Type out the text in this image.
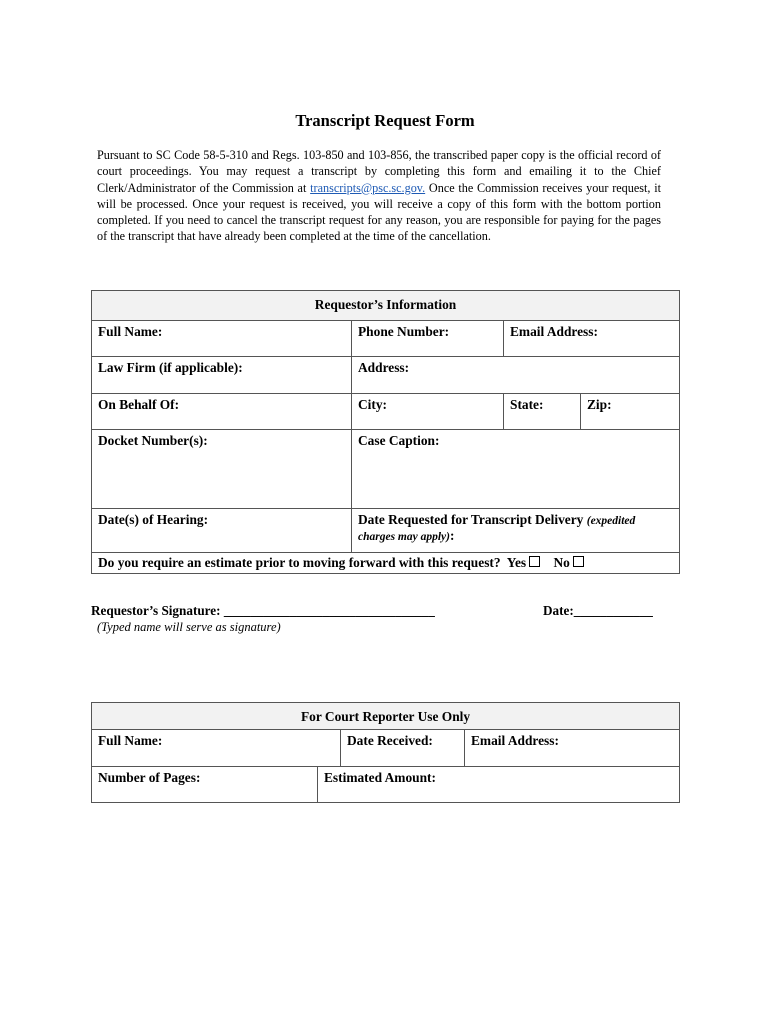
Transcript Request Form
Pursuant to SC Code 58-5-310 and Regs. 103-850 and 103-856, the transcribed paper copy is the official record of court proceedings. You may request a transcript by completing this form and emailing it to the Chief Clerk/Administrator of the Commission at transcripts@psc.sc.gov. Once the Commission receives your request, it will be processed. Once your request is received, you will receive a copy of this form with the bottom portion completed. If you need to cancel the transcript request for any reason, you are responsible for paying for the pages of the transcript that have already been completed at the time of the cancellation.
Requestor’s Information			
Full Name:	Phone Number:	Email Address:	
Law Firm (if applicable):	Address:		
On Behalf Of:	City:	State:	Zip:
Docket Number(s):	Case Caption:		
Date(s) of Hearing:	Date Requested for Transcript Delivery (expedited charges may apply):		
Do you require an estimate prior to moving forward with this request? Yes No			
Requestor’s Signature: ________________________________
(Typed name will serve as signature)
Date:____________
For Court Reporter Use Only			
Full Name:		Date Received:	Email Address:
Number of Pages:	Estimated Amount:		
